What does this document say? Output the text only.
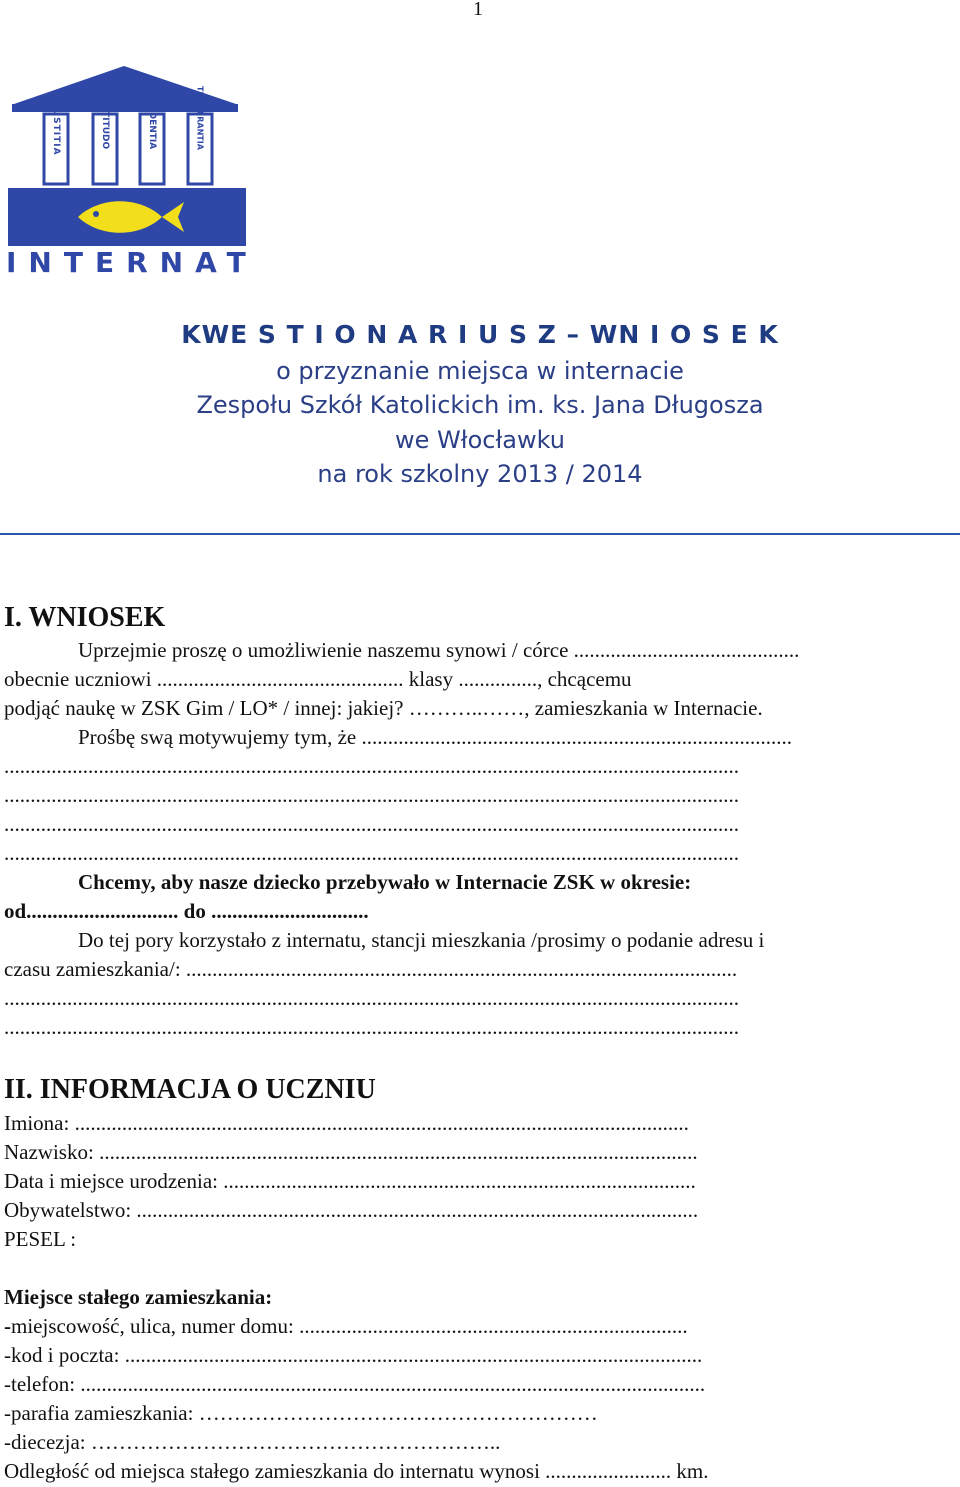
1
IUSTITIA	FORTITUDO	PRUDENTIA	TEMPERANTIA
INTERNAT
KWE S T I O N A R I U S Z – WN I O S E K
o przyznanie miejsca w internacie
Zespołu Szkół Katolickich im. ks. Jana Długosza
we Włocławku
na rok szkolny 2013 / 2014
I. WNIOSEK
Uprzejmie proszę o umożliwienie naszemu synowi / córce ...........................................
obecnie uczniowi ............................................... klasy ..............., chcącemu
podjąć naukę w ZSK Gim / LO* / innej: jakiej? ………..……, zamieszkania w Internacie.
Prośbę swą motywujemy tym, że ..................................................................................
............................................................................................................................................
............................................................................................................................................
............................................................................................................................................
............................................................................................................................................
Chcemy, aby nasze dziecko przebywało w Internacie ZSK w okresie:
od............................. do ..............................
Do tej pory korzystało z internatu, stancji mieszkania /prosimy o podanie adresu i
czasu zamieszkania/: .........................................................................................................
............................................................................................................................................
............................................................................................................................................
II. INFORMACJA O UCZNIU
Imiona: .....................................................................................................................
Nazwisko: ..................................................................................................................
Data i miejsce urodzenia: ..........................................................................................
Obywatelstwo: ...........................................................................................................
PESEL :
Miejsce stałego zamieszkania:
-miejscowość, ulica, numer domu: ..........................................................................
-kod i poczta: ..............................................................................................................
-telefon: .......................................................................................................................
-parafia zamieszkania: …………………………………………………
-diecezja: …………………………………………………..
Odległość od miejsca stałego zamieszkania do internatu wynosi ........................ km.
